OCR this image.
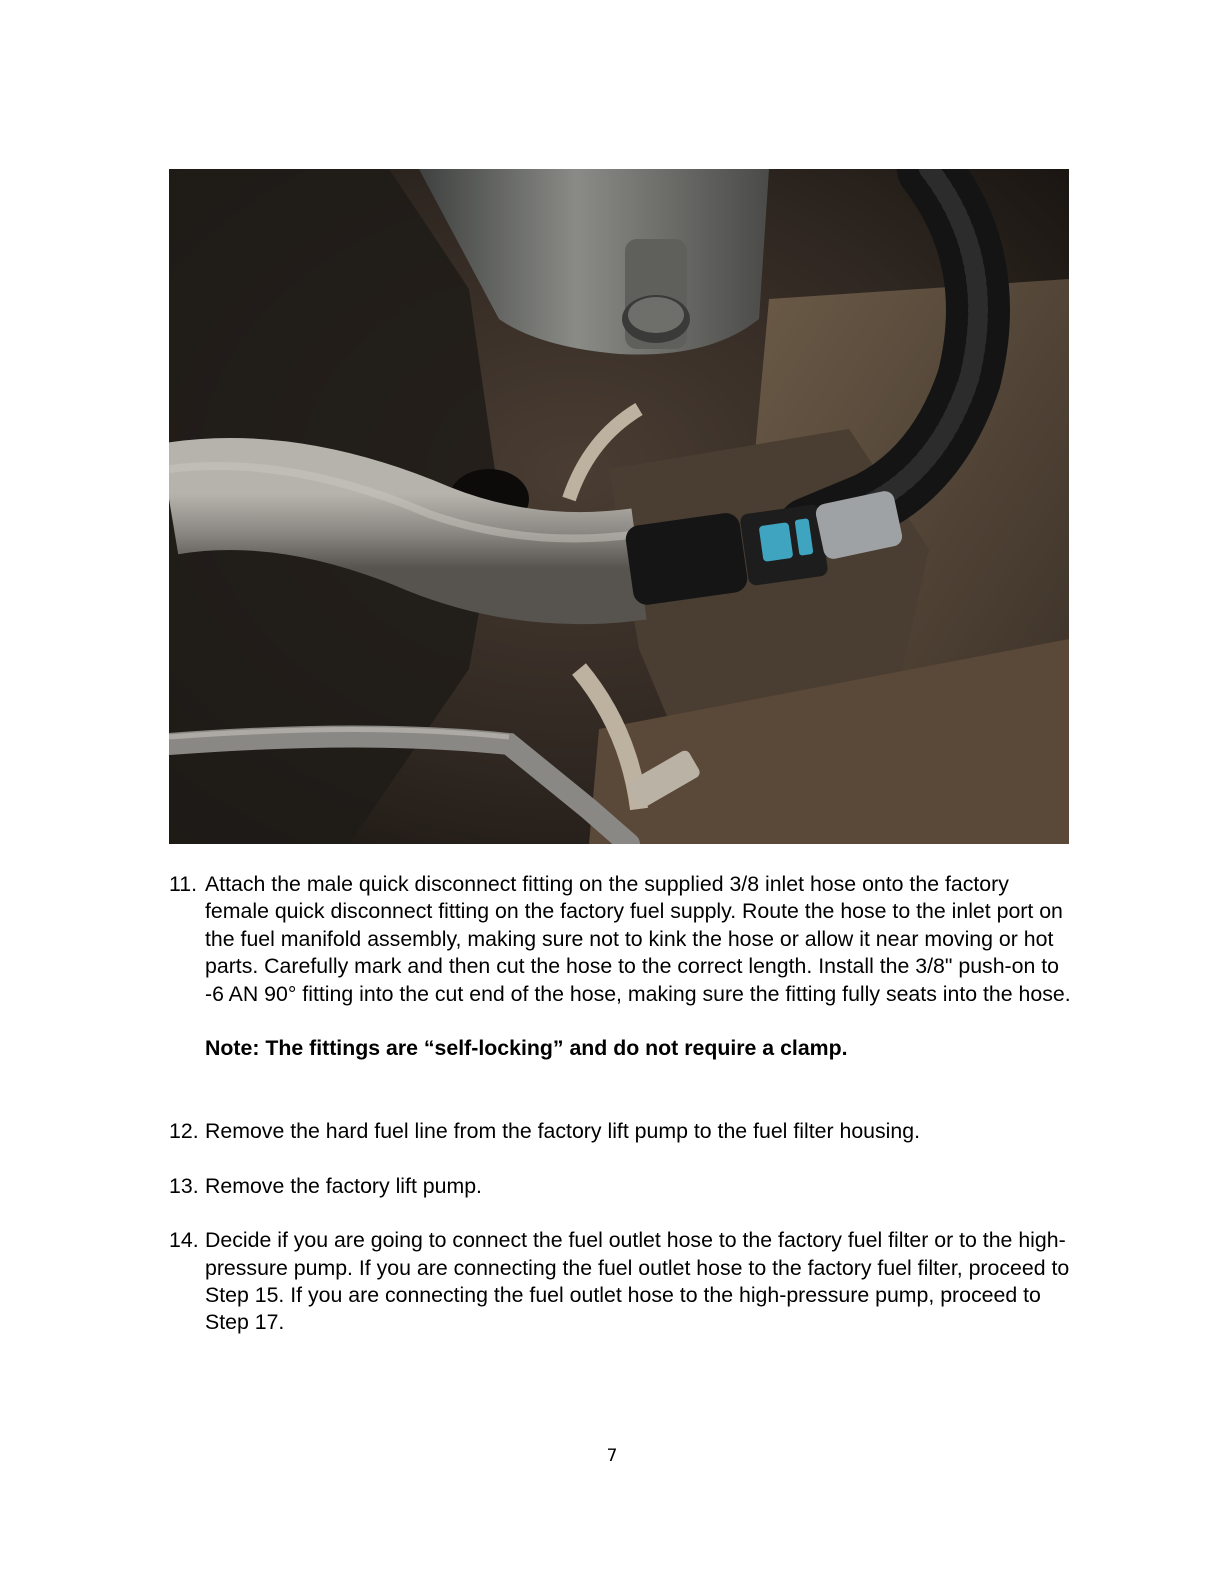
11. Attach the male quick disconnect fitting on the supplied 3/8 inlet hose onto the factory female quick disconnect fitting on the factory fuel supply. Route the hose to the inlet port on the fuel manifold assembly, making sure not to kink the hose or allow it near moving or hot parts. Carefully mark and then cut the hose to the correct length. Install the 3/8" push-on to -6 AN 90° fitting into the cut end of the hose, making sure the fitting fully seats into the hose.
Note: The fittings are “self-locking” and do not require a clamp.
12. Remove the hard fuel line from the factory lift pump to the fuel filter housing.
13. Remove the factory lift pump.
14. Decide if you are going to connect the fuel outlet hose to the factory fuel filter or to the high-pressure pump. If you are connecting the fuel outlet hose to the factory fuel filter, proceed to Step 15. If you are connecting the fuel outlet hose to the high-pressure pump, proceed to Step 17.
7
